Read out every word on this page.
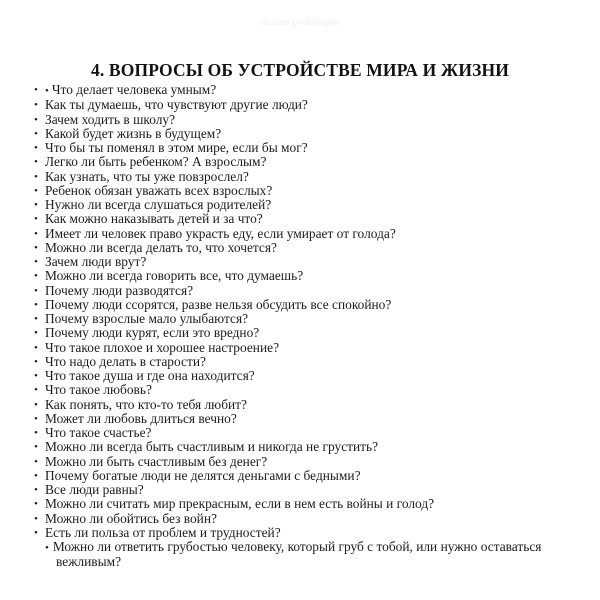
vk.com psyhologiia
4. ВОПРОСЫ ОБ УСТРОЙСТВЕ МИРА И ЖИЗНИ
• • Что делает человека умным?
• Как ты думаешь, что чувствуют другие люди?
• Зачем ходить в школу?
• Какой будет жизнь в будущем?
• Что бы ты поменял в этом мире, если бы мог?
• Легко ли быть ребенком? А взрослым?
• Как узнать, что ты уже повзрослел?
• Ребенок обязан уважать всех взрослых?
• Нужно ли всегда слушаться родителей?
• Как можно наказывать детей и за что?
• Имеет ли человек право украсть еду, если умирает от голода?
• Можно ли всегда делать то, что хочется?
• Зачем люди врут?
• Можно ли всегда говорить все, что думаешь?
• Почему люди разводятся?
• Почему люди ссорятся, разве нельзя обсудить все спокойно?
• Почему взрослые мало улыбаются?
• Почему люди курят, если это вредно?
• Что такое плохое и хорошее настроение?
• Что надо делать в старости?
• Что такое душа и где она находится?
• Что такое любовь?
• Как понять, что кто-то тебя любит?
• Может ли любовь длиться вечно?
• Что такое счастье?
• Можно ли всегда быть счастливым и никогда не грустить?
• Можно ли быть счастливым без денег?
• Почему богатые люди не делятся деньгами с бедными?
• Все люди равны?
• Можно ли считать мир прекрасным, если в нем есть войны и голод?
• Можно ли обойтись без войн?
• Есть ли польза от проблем и трудностей?
• Можно ли ответить грубостью человеку, который груб с тобой, или нужно оставаться вежливым?
